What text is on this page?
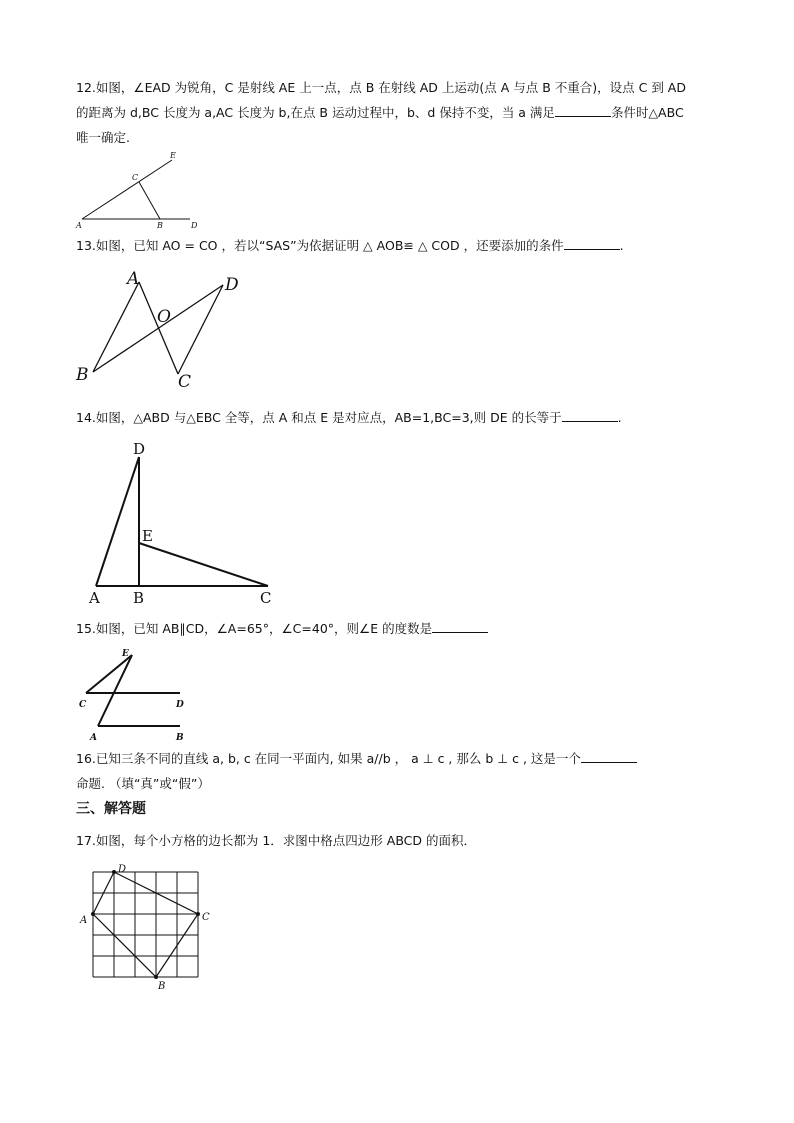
12.如图，∠EAD 为锐角，C 是射线 AE 上一点，点 B 在射线 AD 上运动(点 A 与点 B 不重合)，设点 C 到 AD
的距离为 d,BC 长度为 a,AC 长度为 b,在点 B 运动过程中，b、d 保持不变，当 a 满足	条件时△ABC
唯一确定.
A	B
C
D
E
A
B	C
D
O
A B	C
D
E
A	B
C	D
E
A
B
C
D
13.如图，已知 AO = CO ，若以“SAS”为依据证明 △ AOB≌ △ COD ，还要添加的条件	.
14.如图，△ABD 与△EBC 全等，点 A 和点 E 是对应点，AB=1,BC=3,则 DE 的长等于	.
15.如图，已知 AB∥CD，∠A=65°，∠C=40°，则∠E 的度数是
16.已知三条不同的直线 a, b, c 在同一平面内, 如果 a//b ， a ⊥ c , 那么 b ⊥ c , 这是一个
命题. （填“真”或“假”）
三、解答题
17.如图，每个小方格的边长都为 1．求图中格点四边形 ABCD 的面积．
